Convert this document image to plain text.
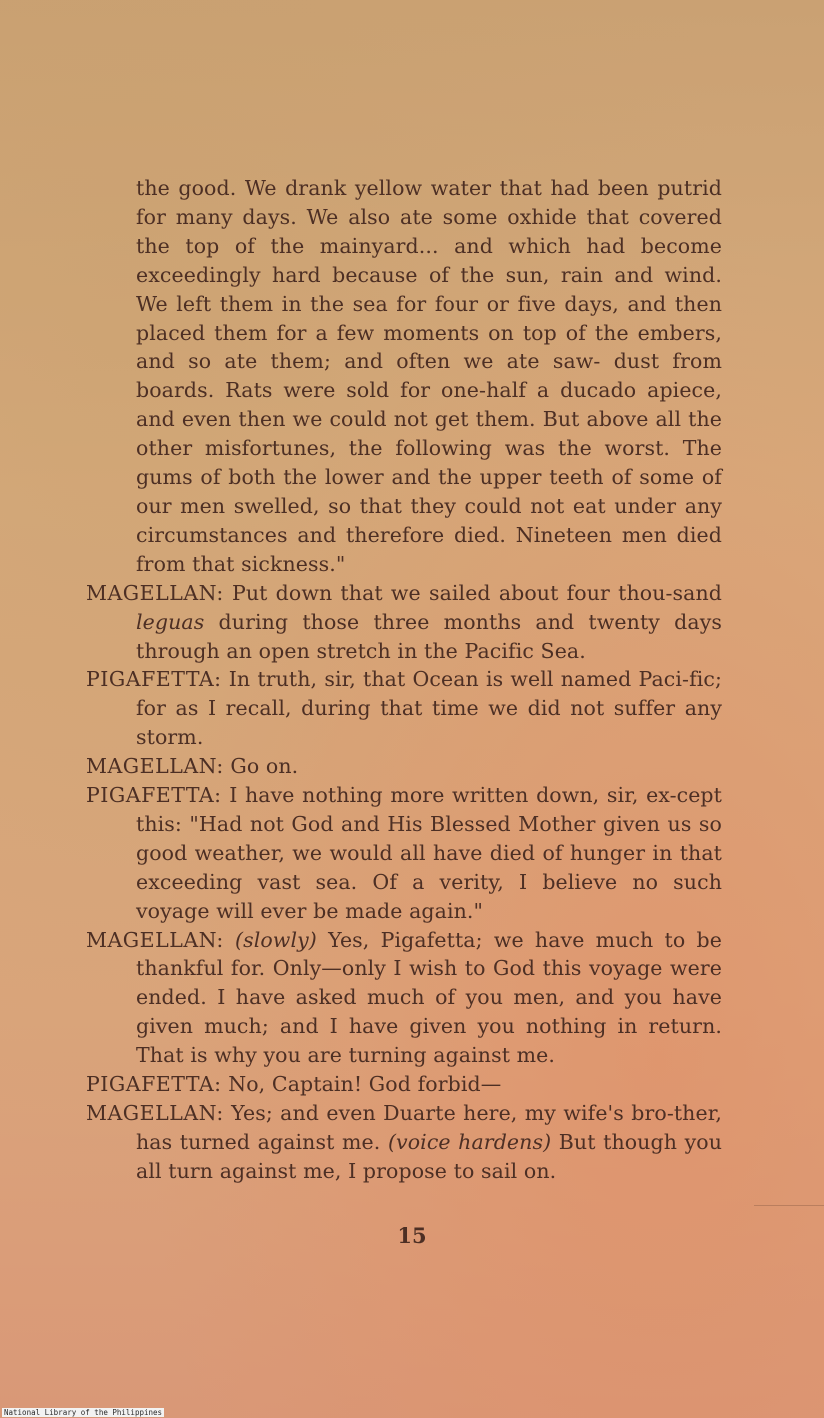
the good. We drank yellow water that had been putrid for many days. We also ate some oxhide that covered the top of the mainyard... and which had become exceedingly hard because of the sun, rain and wind. We left them in the sea for four or five days, and then placed them for a few moments on top of the embers, and so ate them; and often we ate saw- dust from boards. Rats were sold for one-half a ducado apiece, and even then we could not get them. But above all the other misfortunes, the following was the worst. The gums of both the lower and the upper teeth of some of our men swelled, so that they could not eat under any circumstances and therefore died. Nineteen men died from that sickness."

MAGELLAN: Put down that we sailed about four thou-sand leguas during those three months and twenty days through an open stretch in the Pacific Sea.

PIGAFETTA: In truth, sir, that Ocean is well named Paci-fic; for as I recall, during that time we did not suffer any storm.

MAGELLAN: Go on.

PIGAFETTA: I have nothing more written down, sir, ex-cept this: "Had not God and His Blessed Mother given us so good weather, we would all have died of hunger in that exceeding vast sea. Of a verity, I believe no such voyage will ever be made again."

MAGELLAN: (slowly) Yes, Pigafetta; we have much to be thankful for. Only—only I wish to God this voyage were ended. I have asked much of you men, and you have given much; and I have given you nothing in return. That is why you are turning against me.

PIGAFETTA: No, Captain! God forbid—

MAGELLAN: Yes; and even Duarte here, my wife's bro-ther, has turned against me. (voice hardens) But though you all turn against me, I propose to sail on.

15
National Library of the Philippines
